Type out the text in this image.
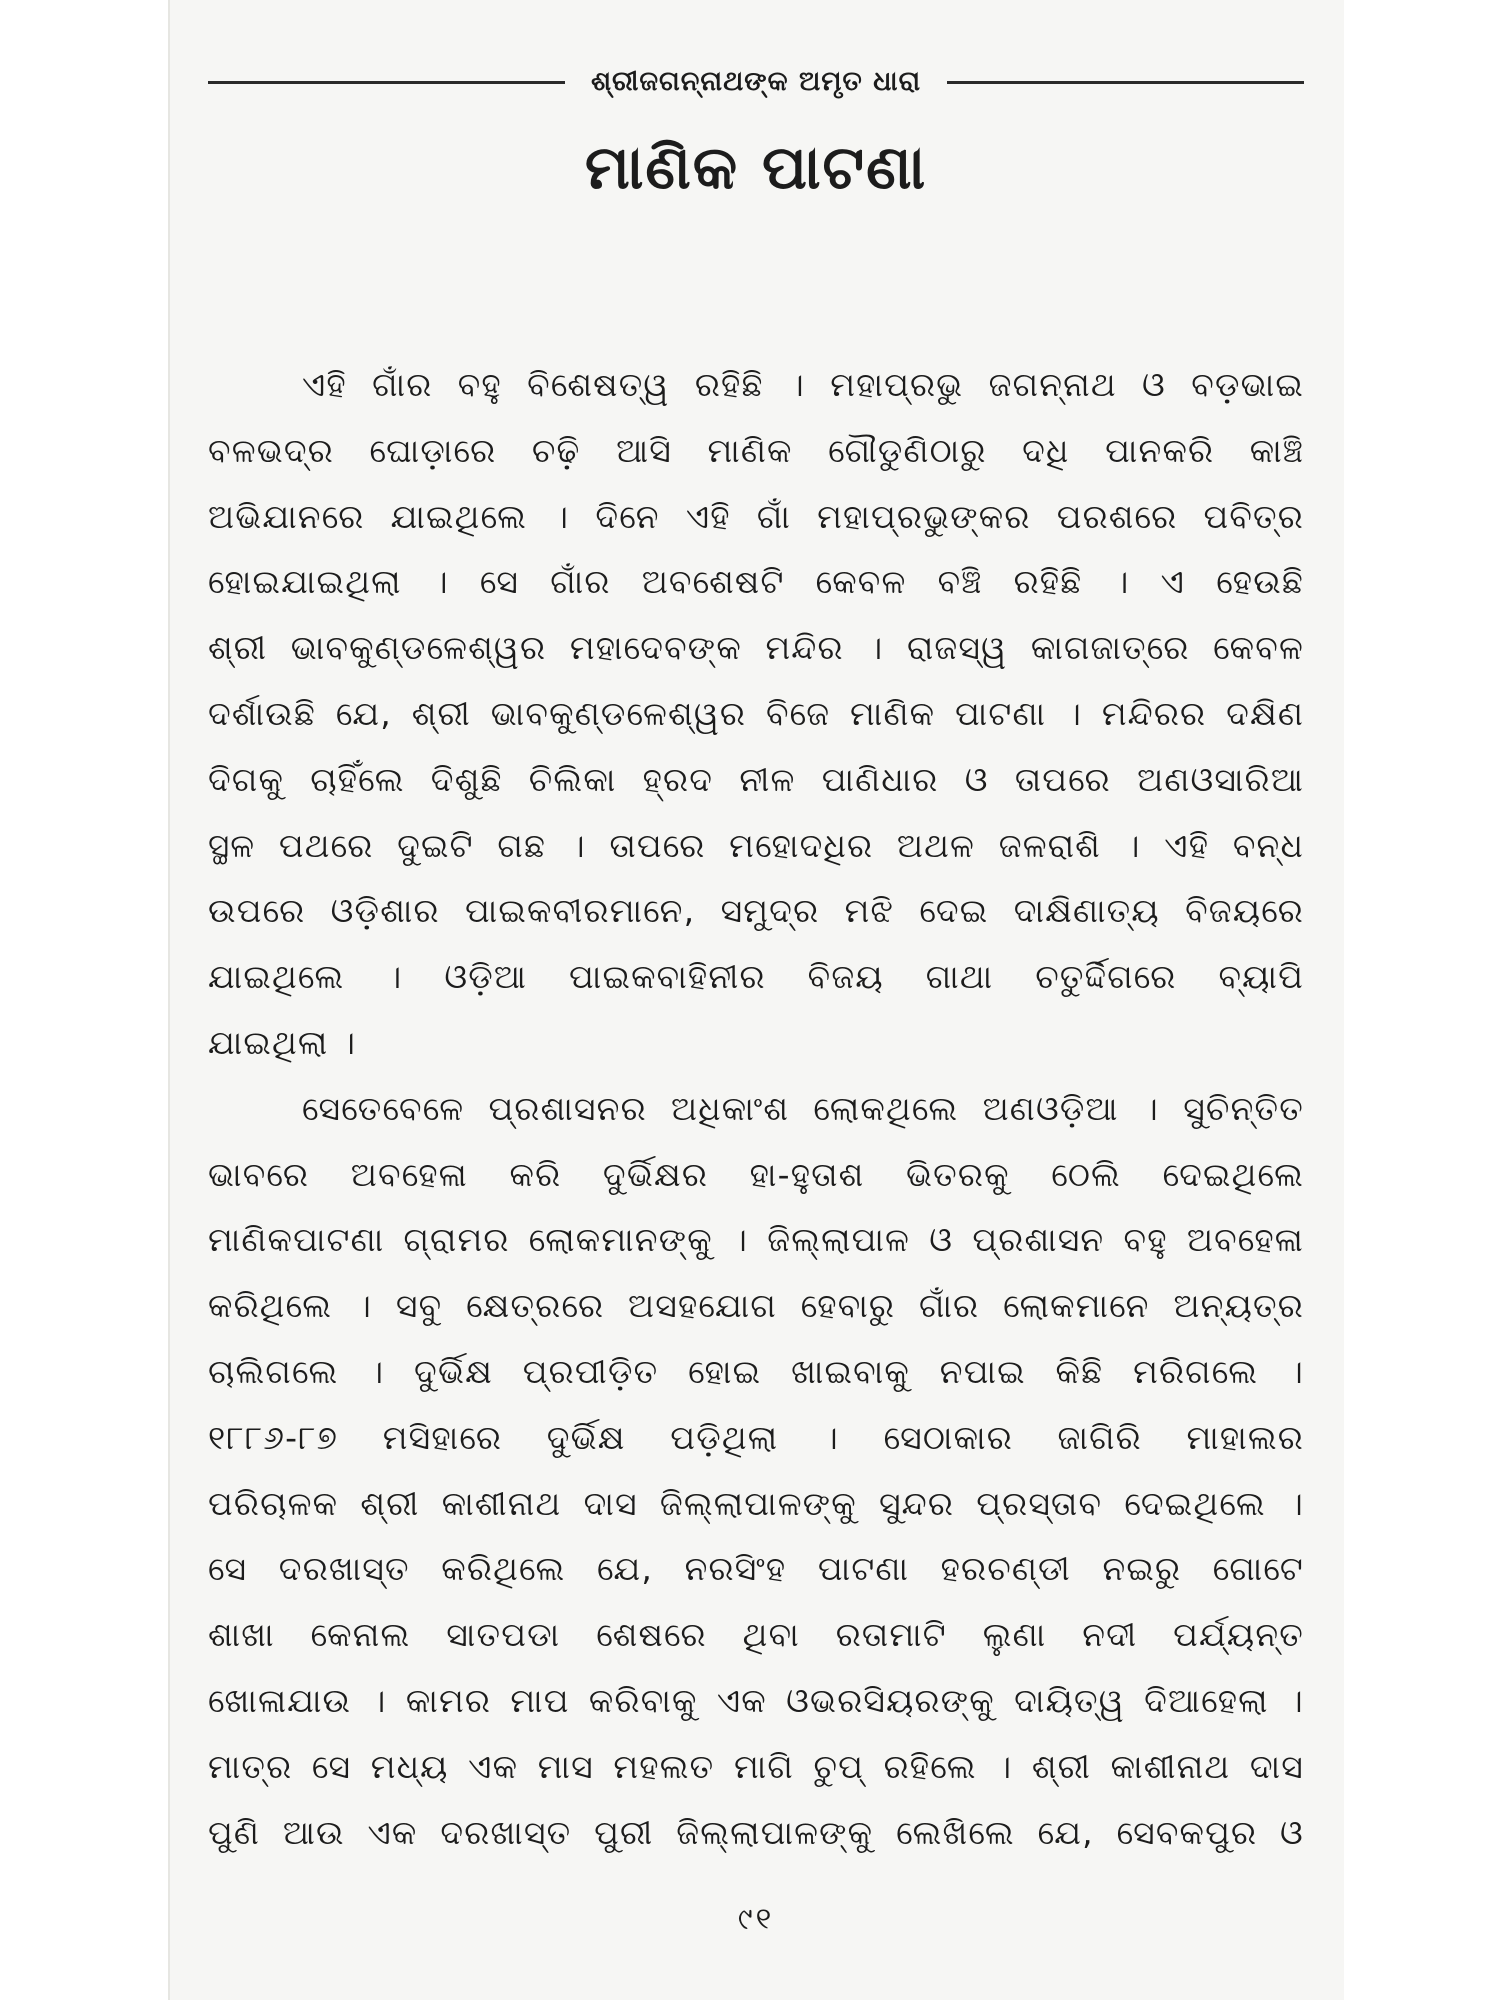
ଶ୍ରୀଜଗନ୍ନାଥଙ୍କ ଅମୃତ ଧାରା
ମାଣିକ ପାଟଣା
ଏହି ଗାଁର ବହୁ ବିଶେଷତ୍ୱ ରହିଛି । ମହାପ୍ରଭୁ ଜଗନ୍ନାଥ ଓ ବଡ଼ଭାଇ
ବଳଭଦ୍ର ଘୋଡ଼ାରେ ଚଢ଼ି ଆସି ମାଣିକ ଗୌଡୁଣିଠାରୁ ଦଧି ପାନକରି କାଞ୍ଚି
ଅଭିଯାନରେ ଯାଇଥିଲେ । ଦିନେ ଏହି ଗାଁ ମହାପ୍ରଭୁଙ୍କର ପରଶରେ ପବିତ୍ର
ହୋଇଯାଇଥିଲା । ସେ ଗାଁର ଅବଶେଷଟି କେବଳ ବଞ୍ଚି ରହିଛି । ଏ ହେଉଛି
ଶ୍ରୀ ଭାବକୁଣ୍ଡଳେଶ୍ୱର ମହାଦେବଙ୍କ ମନ୍ଦିର । ରାଜସ୍ୱ କାଗଜାତ୍‌ରେ କେବଳ
ଦର୍ଶାଉଛି ଯେ, ଶ୍ରୀ ଭାବକୁଣ୍ଡଳେଶ୍ୱର ବିଜେ ମାଣିକ ପାଟଣା । ମନ୍ଦିରର ଦକ୍ଷିଣ
ଦିଗକୁ ଚାହିଁଲେ ଦିଶୁଛି ଚିଲିକା ହ୍ରଦ ନୀଳ ପାଣିଧାର ଓ ତାପରେ ଅଣଓସାରିଆ
ସ୍ଥଳ ପଥରେ ଦୁଇଟି ଗଛ । ତାପରେ ମହୋଦଧିର ଅଥଳ ଜଳରାଶି । ଏହି ବନ୍ଧ
ଉପରେ ଓଡ଼ିଶାର ପାଇକବୀରମାନେ, ସମୁଦ୍ର ମଝି ଦେଇ ଦାକ୍ଷିଣାତ୍ୟ ବିଜୟରେ
ଯାଇଥିଲେ । ଓଡ଼ିଆ ପାଇକବାହିନୀର ବିଜୟ ଗାଥା ଚତୁର୍ଦ୍ଦିଗରେ ବ୍ୟାପି
ଯାଇଥିଲା ।
ସେତେବେଳେ ପ୍ରଶାସନର ଅଧିକାଂଶ ଲୋକଥିଲେ ଅଣଓଡ଼ିଆ । ସୁଚିନ୍ତିତ
ଭାବରେ ଅବହେଳା କରି ଦୁର୍ଭିକ୍ଷର ହା-ହୁତାଶ ଭିତରକୁ ଠେଲି ଦେଇଥିଲେ
ମାଣିକପାଟଣା ଗ୍ରାମର ଲୋକମାନଙ୍କୁ । ଜିଲ୍ଲାପାଳ ଓ ପ୍ରଶାସନ ବହୁ ଅବହେଳା
କରିଥିଲେ । ସବୁ କ୍ଷେତ୍ରରେ ଅସହଯୋଗ ହେବାରୁ ଗାଁର ଲୋକମାନେ ଅନ୍ୟତ୍ର
ଚାଲିଗଲେ । ଦୁର୍ଭିକ୍ଷ ପ୍ରପୀଡ଼ିତ ହୋଇ ଖାଇବାକୁ ନପାଇ କିଛି ମରିଗଲେ ।
୧୮୮୬-୮୭ ମସିହାରେ ଦୁର୍ଭିକ୍ଷ ପଡ଼ିଥିଲା । ସେଠାକାର ଜାଗିରି ମାହାଲର
ପରିଚାଳକ ଶ୍ରୀ କାଶୀନାଥ ଦାସ ଜିଲ୍ଲାପାଳଙ୍କୁ ସୁନ୍ଦର ପ୍ରସ୍ତାବ ଦେଇଥିଲେ ।
ସେ ଦରଖାସ୍ତ କରିଥିଲେ ଯେ, ନରସିଂହ ପାଟଣା ହରଚଣ୍ଡୀ ନଇରୁ ଗୋଟେ
ଶାଖା କେନାଲ ସାତପଡା ଶେଷରେ ଥିବା ରତାମାଟି ଲୁଣା ନଦୀ ପର୍ଯ୍ୟନ୍ତ
ଖୋଳାଯାଉ । କାମର ମାପ କରିବାକୁ ଏକ ଓଭରସିୟରଙ୍କୁ ଦାୟିତ୍ୱ ଦିଆହେଲା ।
ମାତ୍ର ସେ ମଧ୍ୟ ଏକ ମାସ ମହଲତ ମାଗି ଚୁପ୍ ରହିଲେ । ଶ୍ରୀ କାଶୀନାଥ ଦାସ
ପୁଣି ଆଉ ଏକ ଦରଖାସ୍ତ ପୁରୀ ଜିଲ୍ଲାପାଳଙ୍କୁ ଲେଖିଲେ ଯେ, ସେବକପୁର ଓ
୯୧
